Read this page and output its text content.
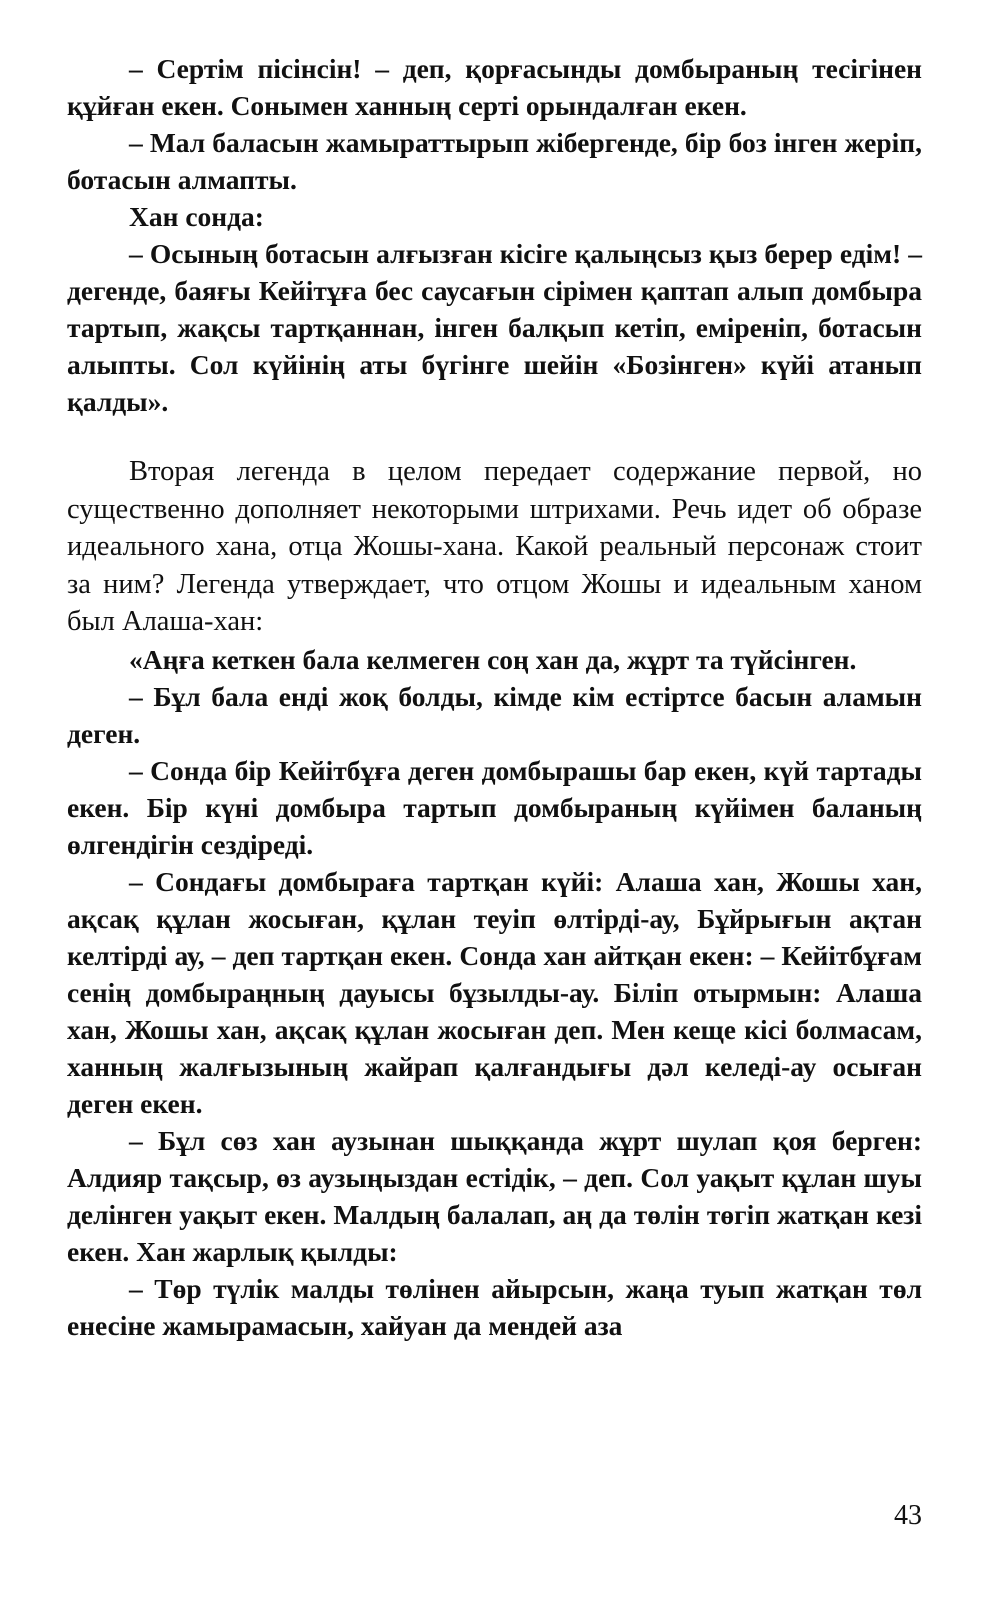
– Сертім пісінсін! – деп, қорғасынды домбыраның тесігінен құйған екен. Сонымен ханның серті орындалған екен.

– Мал баласын жамыраттырып жібергенде, бір боз інген жеріп, ботасын алмапты.

Хан сонда:

– Осының ботасын алғызған кісіге қалыңсыз қыз берер едім! – дегенде, баяғы Кейітұға бес саусағын сірімен қаптап алып домбыра тартып, жақсы тартқаннан, інген балқып кетіп, еміреніп, ботасын алыпты. Сол күйінің аты бүгінге шейін «Бозінген» күйі атанып қалды».

Вторая легенда в целом передает содержание первой, но существенно дополняет некоторыми штрихами. Речь идет об образе идеального хана, отца Жошы-хана. Какой реальный персонаж стоит за ним? Легенда утверждает, что отцом Жошы и идеальным ханом был Алаша-хан:

«Аңға кеткен бала келмеген соң хан да, жұрт та түйсінген.

– Бұл бала енді жоқ болды, кімде кім естіртсе басын аламын деген.

– Сонда бір Кейітбұға деген домбырашы бар екен, күй тартады екен. Бір күні домбыра тартып домбыраның күйімен баланың өлгендігін сездіреді.

– Сондағы домбыраға тартқан күйі: Алаша хан, Жошы хан, ақсақ құлан жосыған, құлан теуіп өлтірді-ау, Бұйрығын ақтан келтірді ау, – деп тартқан екен. Сонда хан айтқан екен: – Кейітбұғам сенің домбыраңның дауысы бұзылды-ау. Біліп отырмын: Алаша хан, Жошы хан, ақсақ құлан жосыған деп. Мен кеще кісі болмасам, ханның жалғызының жайрап қалғандығы дәл келеді-ау осыған деген екен.

– Бұл сөз хан аузынан шыққанда жұрт шулап қоя берген: Алдияр тақсыр, өз аузыңыздан естідік, – деп. Сол уақыт құлан шуы делінген уақыт екен. Малдың балалап, аң да төлін төгіп жатқан кезі екен. Хан жарлық қылды:

– Төр түлік малды төлінен айырсын, жаңа туып жатқан төл енесіне жамырамасын, хайуан да мендей аза

43
